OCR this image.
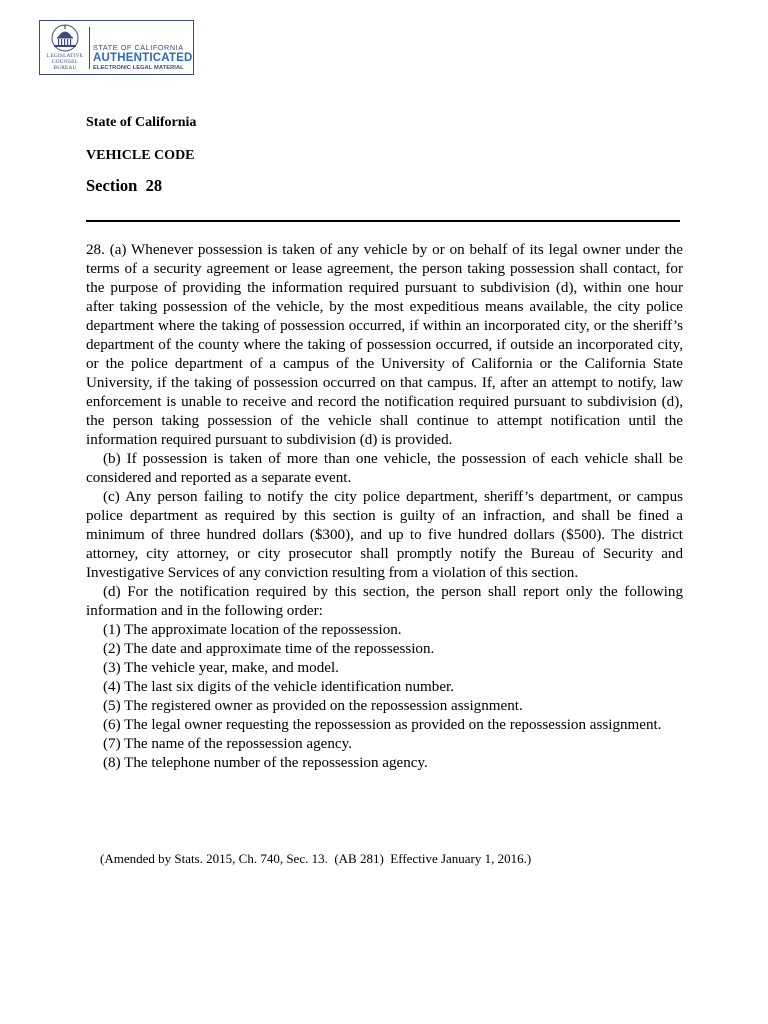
LEGISLATIVE
COUNSEL
BUREAU
STATE OF CALIFORNIA
AUTHENTICATED
ELECTRONIC LEGAL MATERIAL
State of California
VEHICLE CODE
Section  28

28. (a) Whenever possession is taken of any vehicle by or on behalf of its legal owner under the terms of a security agreement or lease agreement, the person taking possession shall contact, for the purpose of providing the information required pursuant to subdivision (d), within one hour after taking possession of the vehicle, by the most expeditious means available, the city police department where the taking of possession occurred, if within an incorporated city, or the sheriff’s department of the county where the taking of possession occurred, if outside an incorporated city, or the police department of a campus of the University of California or the California State University, if the taking of possession occurred on that campus. If, after an attempt to notify, law enforcement is unable to receive and record the notification required pursuant to subdivision (d), the person taking possession of the vehicle shall continue to attempt notification until the information required pursuant to subdivision (d) is provided.

(b) If possession is taken of more than one vehicle, the possession of each vehicle shall be considered and reported as a separate event.

(c) Any person failing to notify the city police department, sheriff’s department, or campus police department as required by this section is guilty of an infraction, and shall be fined a minimum of three hundred dollars ($300), and up to five hundred dollars ($500). The district attorney, city attorney, or city prosecutor shall promptly notify the Bureau of Security and Investigative Services of any conviction resulting from a violation of this section.

(d) For the notification required by this section, the person shall report only the following information and in the following order:

(1) The approximate location of the repossession.

(2) The date and approximate time of the repossession.

(3) The vehicle year, make, and model.

(4) The last six digits of the vehicle identification number.

(5) The registered owner as provided on the repossession assignment.

(6) The legal owner requesting the repossession as provided on the repossession assignment.

(7) The name of the repossession agency.

(8) The telephone number of the repossession agency.

(Amended by Stats. 2015, Ch. 740, Sec. 13.  (AB 281)  Effective January 1, 2016.)
